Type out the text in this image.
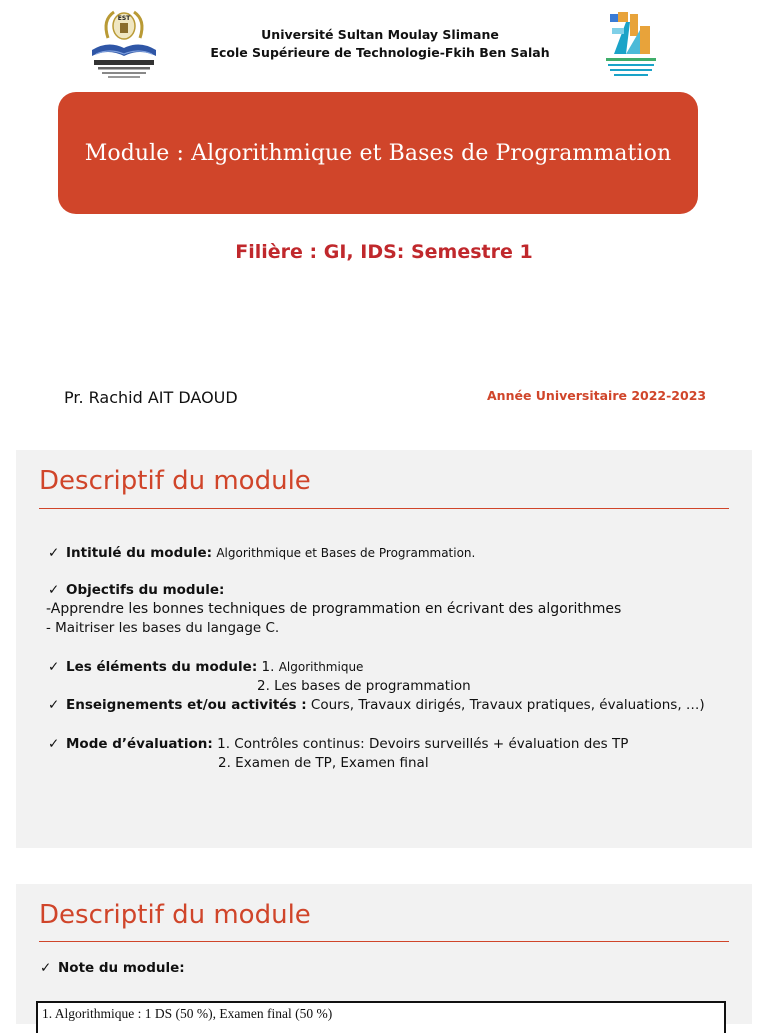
EST
Université Sultan Moulay Slimane
Ecole Supérieure de Technologie-Fkih Ben Salah
Module : Algorithmique et Bases de Programmation
Filière : GI, IDS: Semestre 1
Pr. Rachid AIT DAOUD	Année Universitaire 2022-2023
Descriptif du module
✓ Intitulé du module: Algorithmique et Bases de Programmation.
✓ Objectifs du module:
-Apprendre les bonnes techniques de programmation en écrivant des algorithmes
- Maitriser les bases du langage C.
✓ Les éléments du module: 1. Algorithmique
2. Les bases de programmation
✓ Enseignements et/ou activités : Cours, Travaux dirigés, Travaux pratiques, évaluations, …)
✓ Mode d’évaluation: 1. Contrôles continus: Devoirs surveillés + évaluation des TP
2. Examen de TP, Examen final
Descriptif du module
✓ Note du module:
1. Algorithmique : 1 DS (50 %), Examen final (50 %)
